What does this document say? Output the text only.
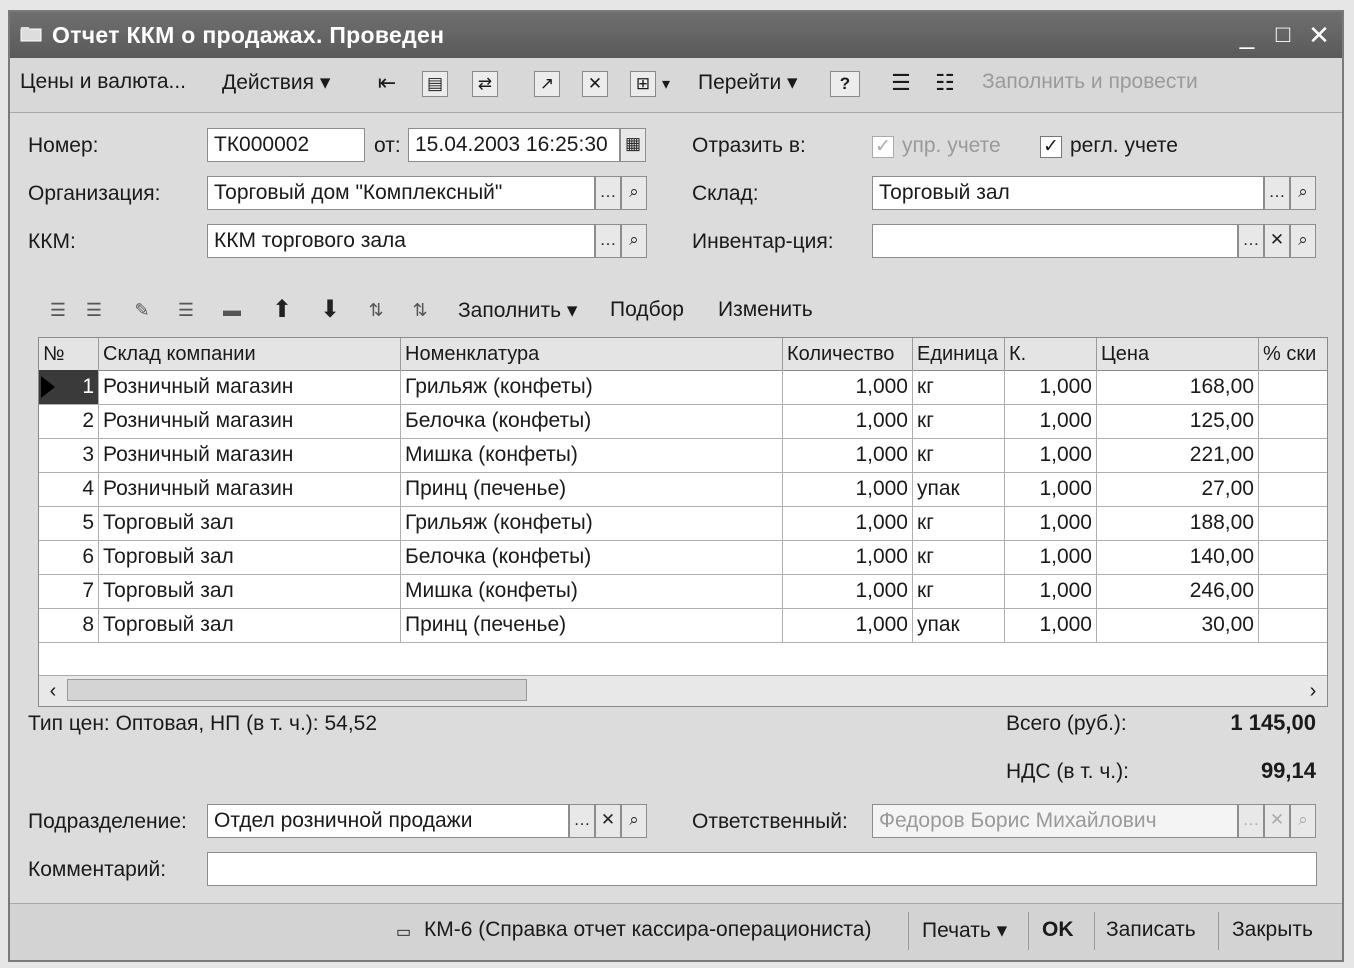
Отчет ККМ о продажах. Проведен	_ □ ✕
Цены и валюта... Действия ▾ ⇤ ▤	⇄	↗	✕	⊞ ▾ Перейти ▾	?	☰ ☷ Заполнить и провести
Номер:	ТК000002	от: 15.04.2003 16:25:30	▦ Отразить в:	✓ упр. учете ✓ регл. учете
Организация:	Торговый дом "Комплексный"	… ⌕	Склад:	Торговый зал	… ⌕
ККМ:	ККМ торгового зала	… ⌕	Инвентар-ция:	… ✕ ⌕
☰ ☰ ✎ ☰ ▬ ⬆ ⬇ ⇅ ⇅ Заполнить ▾ Подбор Изменить
№	Склад компании	Номенклатура	Количество	Единица К.	Цена	% ски
1 Розничный магазин	Грильяж (конфеты)	1,000 кг	1,000	168,00
2 Розничный магазин	Белочка (конфеты)	1,000 кг	1,000	125,00
3 Розничный магазин	Мишка (конфеты)	1,000 кг	1,000	221,00
4 Розничный магазин	Принц (печенье)	1,000 упак	1,000	27,00
5 Торговый зал	Грильяж (конфеты)	1,000 кг	1,000	188,00
6 Торговый зал	Белочка (конфеты)	1,000 кг	1,000	140,00
7 Торговый зал	Мишка (конфеты)	1,000 кг	1,000	246,00
8 Торговый зал	Принц (печенье)	1,000 упак	1,000	30,00
‹	›
Тип цен: Оптовая, НП (в т. ч.): 54,52	Всего (руб.):	1 145,00
НДС (в т. ч.):	99,14
Подразделение:	Отдел розничной продажи	… ✕ ⌕	Ответственный:	Федоров Борис Михайлович	… ✕ ⌕
Комментарий:
▭ КМ-6 (Справка отчет кассира-операциониста) Печать ▾ OK Записать Закрыть
